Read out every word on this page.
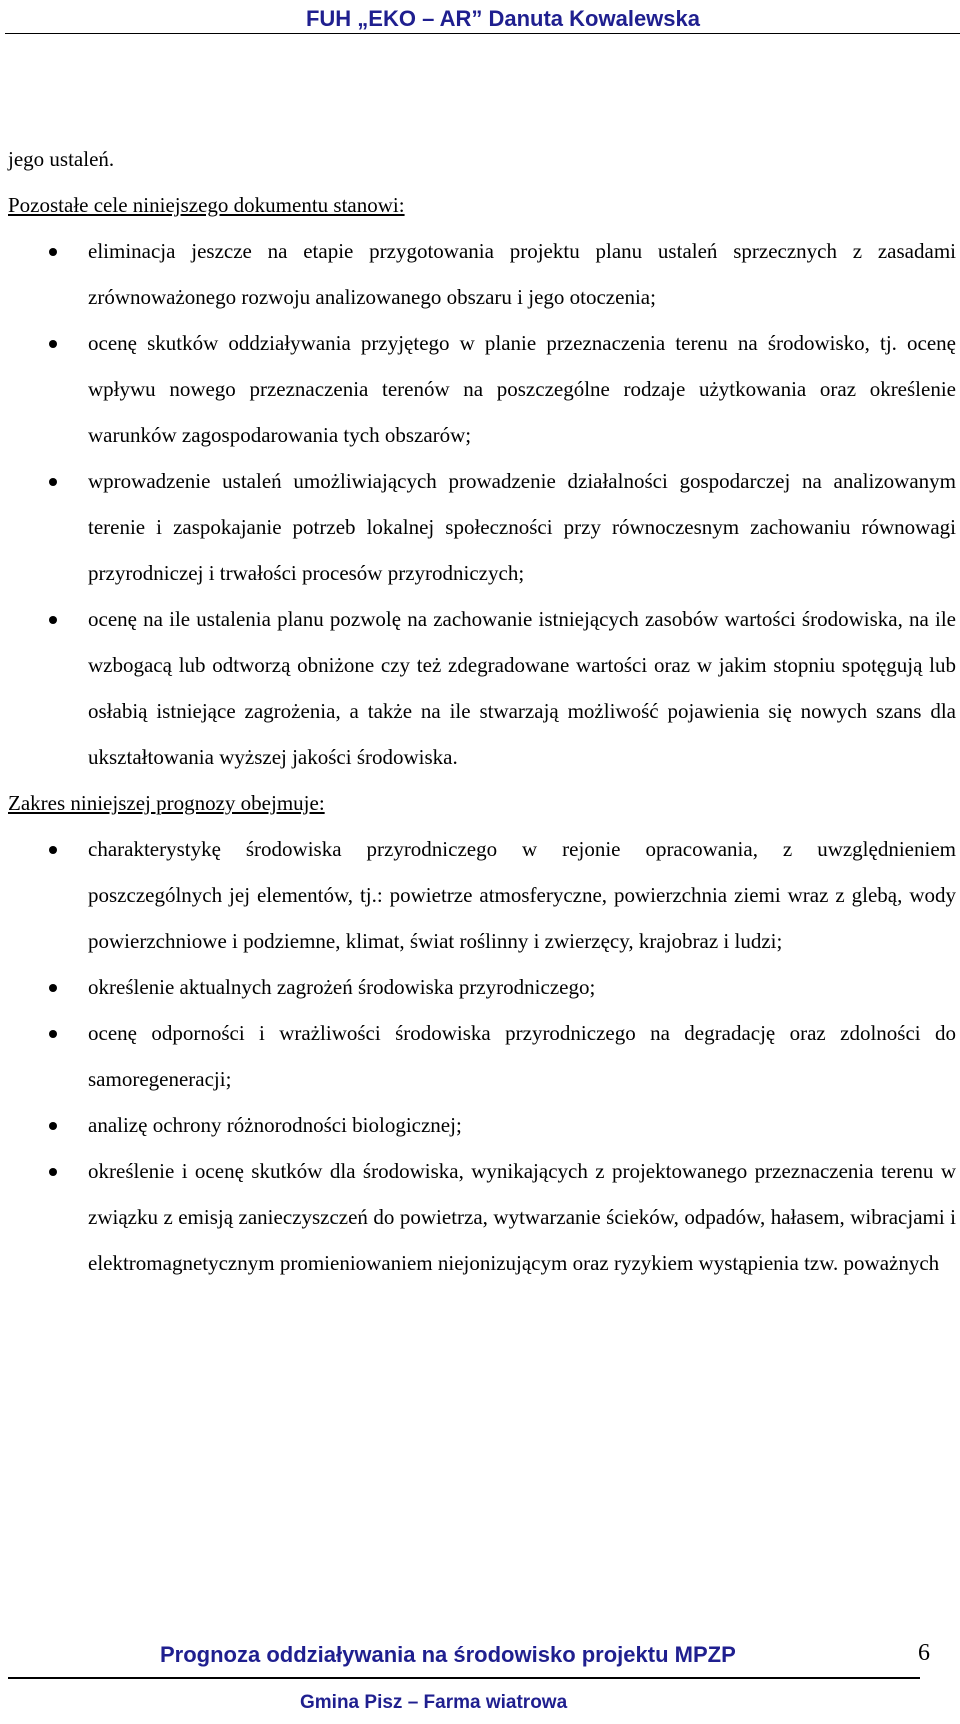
FUH „EKO – AR” Danuta Kowalewska

jego ustaleń.

Pozostałe cele niniejszego dokumentu stanowi:

eliminacja jeszcze na etapie przygotowania projektu planu ustaleń sprzecznych z zasadami zrównoważonego rozwoju analizowanego obszaru i jego otoczenia;
ocenę skutków oddziaływania przyjętego w planie przeznaczenia terenu na środowisko, tj. ocenę wpływu nowego przeznaczenia terenów na poszczególne rodzaje użytkowania oraz określenie warunków zagospodarowania tych obszarów;
wprowadzenie ustaleń umożliwiających prowadzenie działalności gospodarczej na analizowanym terenie i zaspokajanie potrzeb lokalnej społeczności przy równoczesnym zachowaniu równowagi przyrodniczej i trwałości procesów przyrodniczych;
ocenę na ile ustalenia planu pozwolę na zachowanie istniejących zasobów wartości środowiska, na ile wzbogacą lub odtworzą obniżone czy też zdegradowane wartości oraz w jakim stopniu spotęgują lub osłabią istniejące zagrożenia, a także na ile stwarzają możliwość pojawienia się nowych szans dla ukształtowania wyższej jakości środowiska.

Zakres niniejszej prognozy obejmuje:

charakterystykę środowiska przyrodniczego w rejonie opracowania, z uwzględnieniem poszczególnych jej elementów, tj.: powietrze atmosferyczne, powierzchnia ziemi wraz z glebą, wody powierzchniowe i podziemne, klimat, świat roślinny i zwierzęcy, krajobraz i ludzi;
określenie aktualnych zagrożeń środowiska przyrodniczego;
ocenę odporności i wrażliwości środowiska przyrodniczego na degradację oraz zdolności do samoregeneracji;
analizę ochrony różnorodności biologicznej;
określenie i ocenę skutków dla środowiska, wynikających z projektowanego przeznaczenia terenu w związku z emisją zanieczyszczeń do powietrza, wytwarzanie ścieków, odpadów, hałasem, wibracjami i elektromagnetycznym promieniowaniem niejonizującym oraz ryzykiem wystąpienia tzw. poważnych
Prognoza oddziaływania na środowisko projektu MPZP	6
Gmina Pisz – Farma wiatrowa
